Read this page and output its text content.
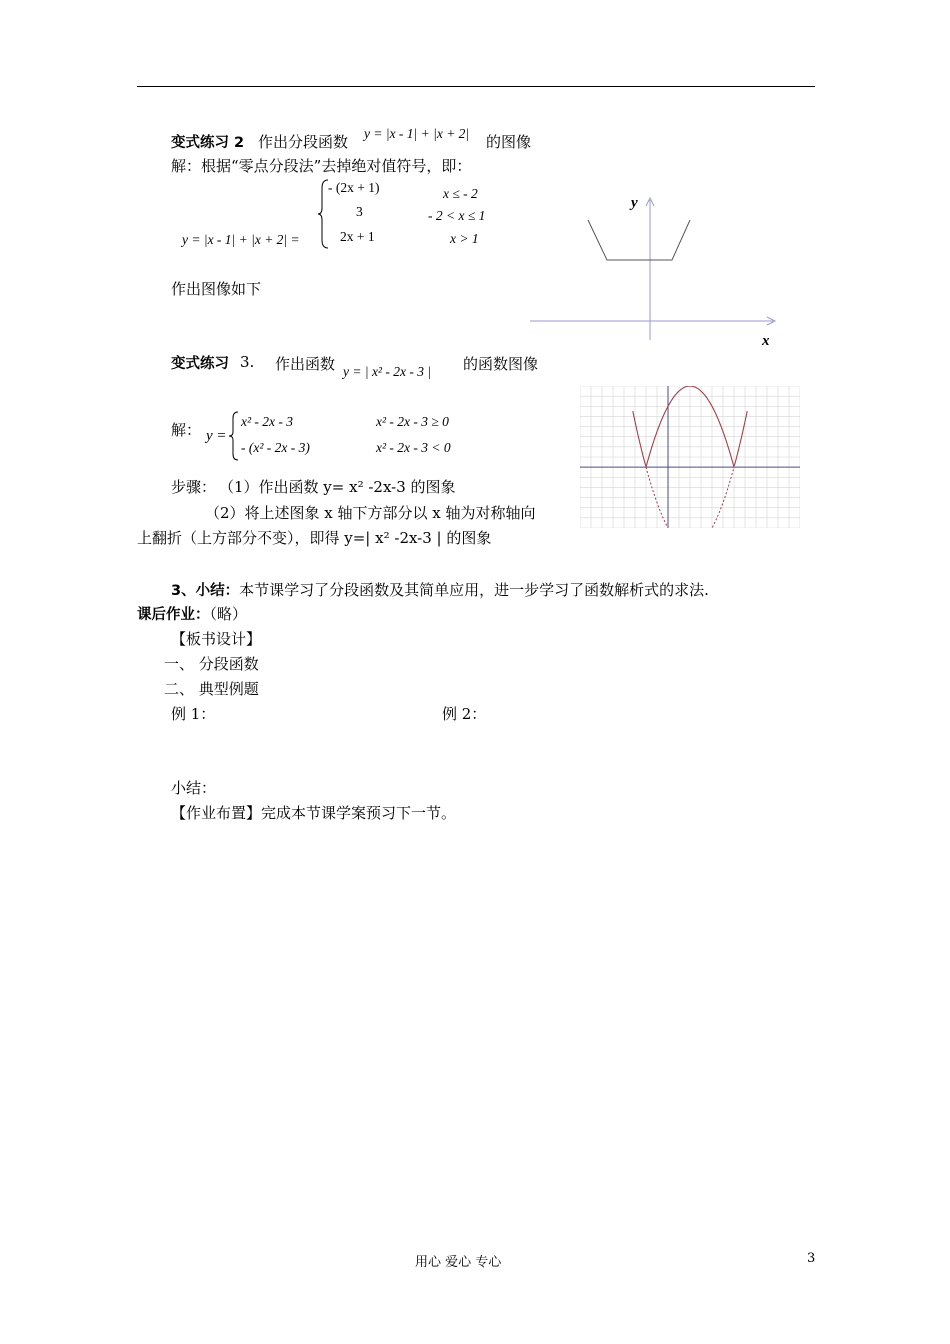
变式练习 2 作出分段函数 y = |x - 1| + |x + 2| 的图像
解：根据“零点分段法”去掉绝对值符号，即：
y = |x - 1| + |x + 2| =
- (2x + 1)
3
2x + 1
x ≤ - 2
- 2 < x ≤ 1
x > 1
作出图像如下
y
x
变式练习 3. 作出函数 y = | x² - 2x - 3 | 的函数图像
解： y =
x² - 2x - 3
- (x² - 2x - 3)
x² - 2x - 3 ≥ 0
x² - 2x - 3 < 0
步骤： （1）作出函数 y= x² -2x-3 的图象
（2）将上述图象 x 轴下方部分以 x 轴为对称轴向
上翻折（上方部分不变），即得 y=| x² -2x-3 | 的图象
3、小结：本节课学习了分段函数及其简单应用，进一步学习了函数解析式的求法.
课后作业：（略）
【板书设计】
一、 分段函数
二、 典型例题
例 1：	例 2：
小结：
【作业布置】完成本节课学案预习下一节。
用心 爱心 专心	3
